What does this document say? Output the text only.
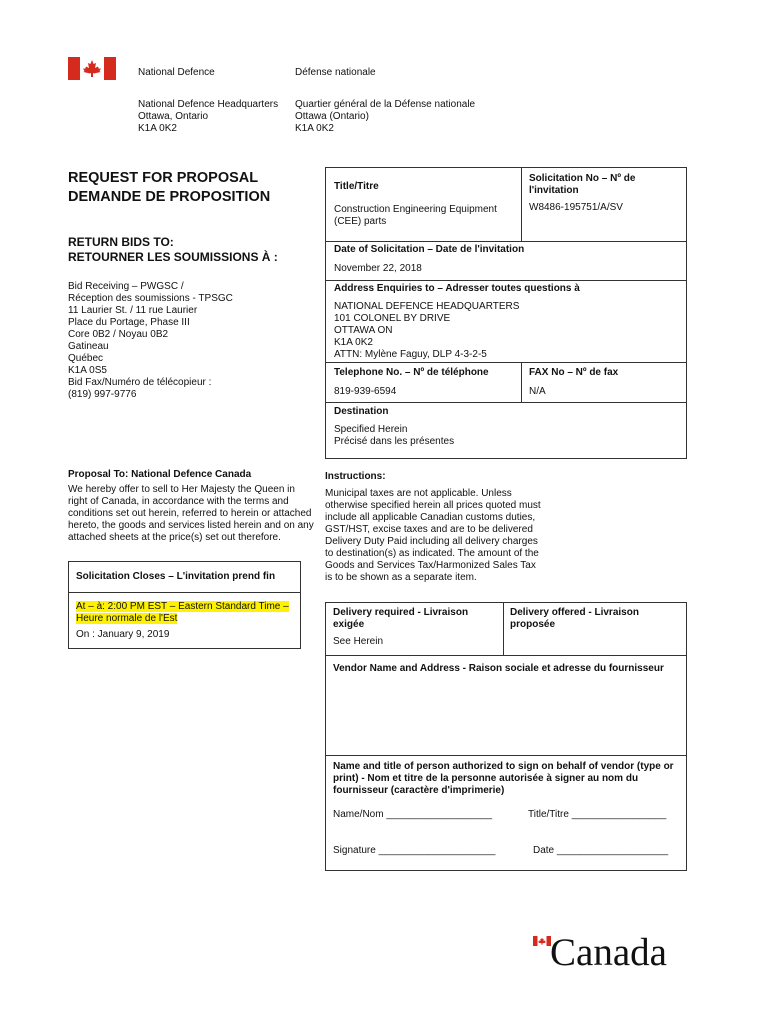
National Defence	Défense nationale
National Defence Headquarters
Ottawa, Ontario
K1A 0K2
Quartier général de la Défense nationale
Ottawa (Ontario)
K1A 0K2
REQUEST FOR PROPOSAL
DEMANDE DE PROPOSITION
RETURN BIDS TO:
RETOURNER LES SOUMISSIONS À :
Bid Receiving – PWGSC /
Réception des soumissions - TPSGC
11 Laurier St. / 11 rue Laurier
Place du Portage, Phase III
Core 0B2 / Noyau 0B2
Gatineau
Québec
K1A 0S5
Bid Fax/Numéro de télécopieur :
(819) 997-9776
Proposal To: National Defence Canada
We hereby offer to sell to Her Majesty the Queen in
right of Canada, in accordance with the terms and
conditions set out herein, referred to herein or attached
hereto, the goods and services listed herein and on any
attached sheets at the price(s) set out therefore.
Solicitation Closes – L'invitation prend fin
At – à: 2:00 PM EST – Eastern Standard Time –
Heure normale de l'Est
On : January 9, 2019
Title/Titre
Construction Engineering Equipment
(CEE) parts
Solicitation No – Nº de
l'invitation
W8486-195751/A/SV
Date of Solicitation – Date de l'invitation
November 22, 2018
Address Enquiries to – Adresser toutes questions à
NATIONAL DEFENCE HEADQUARTERS
101 COLONEL BY DRIVE
OTTAWA ON
K1A 0K2
ATTN: Mylène Faguy, DLP 4-3-2-5
Telephone No. – Nº de téléphone
819-939-6594
FAX No – Nº de fax
N/A
Destination
Specified Herein
Précisé dans les présentes
Instructions:
Municipal taxes are not applicable. Unless
otherwise specified herein all prices quoted must
include all applicable Canadian customs duties,
GST/HST, excise taxes and are to be delivered
Delivery Duty Paid including all delivery charges
to destination(s) as indicated. The amount of the
Goods and Services Tax/Harmonized Sales Tax
is to be shown as a separate item.
Delivery required - Livraison
exigée
See Herein
Delivery offered - Livraison
proposée
Vendor Name and Address - Raison sociale et adresse du fournisseur
Name and title of person authorized to sign on behalf of vendor (type or
print) - Nom et titre de la personne autorisée à signer au nom du
fournisseur (caractère d'imprimerie)
Name/Nom ___________________	Title/Titre _________________
Signature _____________________	Date ____________________
Canada
